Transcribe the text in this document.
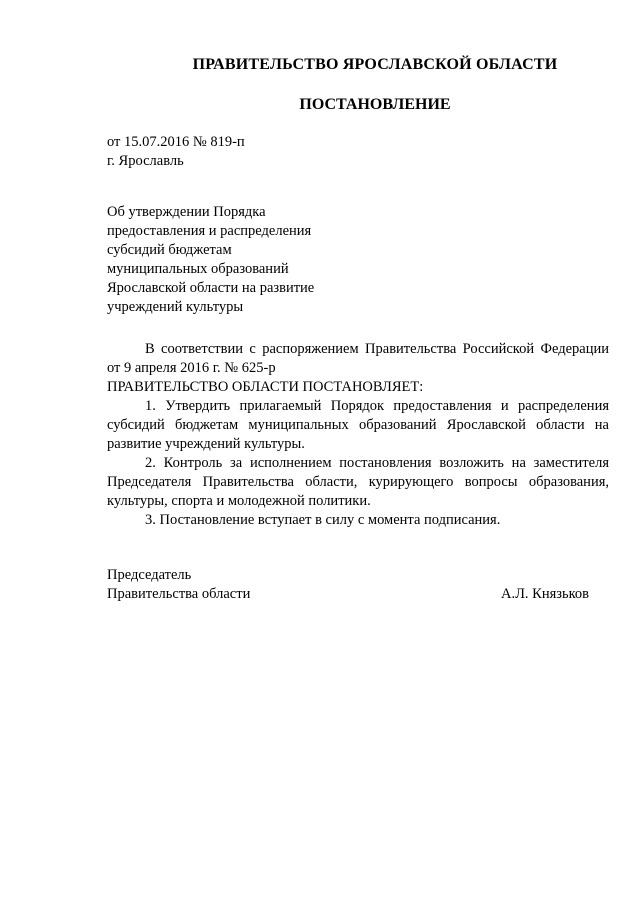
ПРАВИТЕЛЬСТВО ЯРОСЛАВСКОЙ ОБЛАСТИ
ПОСТАНОВЛЕНИЕ
от 15.07.2016 № 819-п
г. Ярославль
Об утверждении Порядка
предоставления и распределения
субсидий бюджетам
муниципальных образований
Ярославской области на развитие
учреждений культуры

В соответствии с распоряжением Правительства Российской Федерации от 9 апреля 2016 г. № 625-р

ПРАВИТЕЛЬСТВО ОБЛАСТИ ПОСТАНОВЛЯЕТ:

1. Утвердить прилагаемый Порядок предоставления и распределения субсидий бюджетам муниципальных образований Ярославской области на развитие учреждений культуры.

2. Контроль за исполнением постановления возложить на заместителя Председателя Правительства области, курирующего вопросы образования, культуры, спорта и молодежной политики.

3. Постановление вступает в силу с момента подписания.

Председатель
Правительства области	А.Л. Князьков
